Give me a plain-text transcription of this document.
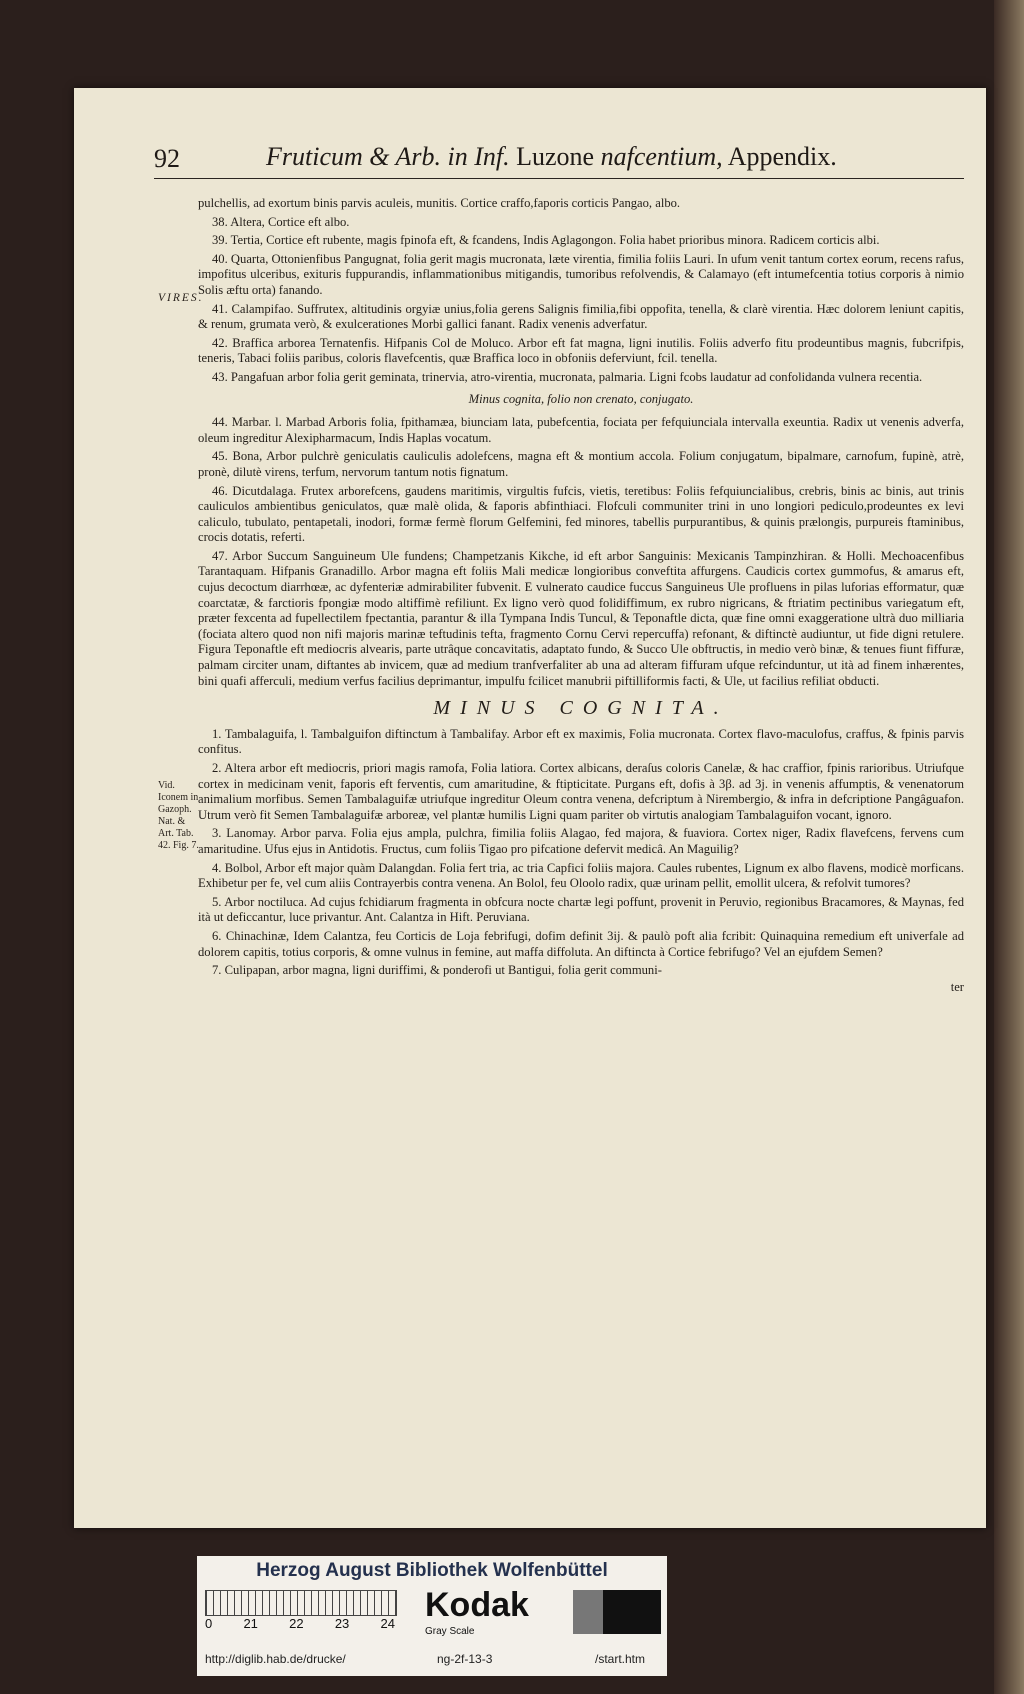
92	Fruticum & Arb. in Inf. Luzone nafcentium, Appendix.
VIRES.
Vid. Iconem in Gazoph. Nat. & Art. Tab. 42. Fig. 7.

pulchellis, ad exortum binis parvis aculeis, munitis. Cortice craffo,faporis corticis Pangao, albo.

38. Altera, Cortice eft albo.

39. Tertia, Cortice eft rubente, magis fpinofa eft, & fcandens, Indis Aglagongon. Folia habet prioribus minora. Radicem corticis albi.

40. Quarta, Ottonienfibus Pangugnat, folia gerit magis mucronata, læte virentia, fimilia foliis Lauri. In ufum venit tantum cortex eorum, recens rafus, impofitus ulceribus, exituris fuppurandis, inflammationibus mitigandis, tumoribus refolvendis, & Calamayo (eft intumefcentia totius corporis à nimio Solis æftu orta) fanando.

41. Calampifao. Suffrutex, altitudinis orgyiæ unius,folia gerens Salignis fimilia,fibi oppofita, tenella, & clarè virentia. Hæc dolorem leniunt capitis, & renum, grumata verò, & exulcerationes Morbi gallici fanant. Radix venenis adverfatur.

42. Braffica arborea Ternatenfis. Hifpanis Col de Moluco. Arbor eft fat magna, ligni inutilis. Foliis adverfo fitu prodeuntibus magnis, fubcrifpis, teneris, Tabaci foliis paribus, coloris flavefcentis, quæ Braffica loco in obfoniis deferviunt, fcil. tenella.

43. Pangafuan arbor folia gerit geminata, trinervia, atro-virentia, mucronata, palmaria. Ligni fcobs laudatur ad confolidanda vulnera recentia.

Minus cognita, folio non crenato, conjugato.

44. Marbar. l. Marbad Arboris folia, fpithamæa, biunciam lata, pubefcentia, fociata per fefquiunciala intervalla exeuntia. Radix ut venenis adverfa, oleum ingreditur Alexipharmacum, Indis Haplas vocatum.

45. Bona, Arbor pulchrè geniculatis cauliculis adolefcens, magna eft & montium accola. Folium conjugatum, bipalmare, carnofum, fupinè, atrè, pronè, dilutè virens, terfum, nervorum tantum notis fignatum.

46. Dicutdalaga. Frutex arborefcens, gaudens maritimis, virgultis fufcis, vietis, teretibus: Foliis fefquiuncialibus, crebris, binis ac binis, aut trinis cauliculos ambientibus geniculatos, quæ malè olida, & faporis abfinthiaci. Flofculi communiter trini in uno longiori pediculo,prodeuntes ex levi caliculo, tubulato, pentapetali, inodori, formæ fermè florum Gelfemini, fed minores, tabellis purpurantibus, & quinis prælongis, purpureis ftaminibus, crocis dotatis, referti.

47. Arbor Succum Sanguineum Ule fundens; Champetzanis Kikche, id eft arbor Sanguinis: Mexicanis Tampinzhiran. & Holli. Mechoacenfibus Tarantaquam. Hifpanis Granadillo. Arbor magna eft foliis Mali medicæ longioribus conveftita affurgens. Caudicis cortex gummofus, & amarus eft, cujus decoctum diarrhœæ, ac dyfenteriæ admirabiliter fubvenit. E vulnerato caudice fuccus Sanguineus Ule profluens in pilas luforias efformatur, quæ coarctatæ, & farctioris fpongiæ modo altiffimè refiliunt. Ex ligno verò quod folidiffimum, ex rubro nigricans, & ftriatim pectinibus variegatum eft, præter fexcenta ad fupellectilem fpectantia, parantur & illa Tympana Indis Tuncul, & Teponaftle dicta, quæ fine omni exaggeratione ultrà duo milliaria (fociata altero quod non nifi majoris marinæ teftudinis tefta, fragmento Cornu Cervi repercuffa) refonant, & diftinctè audiuntur, ut fide digni retulere. Figura Teponaftle eft mediocris alvearis, parte utrâque concavitatis, adaptato fundo, & Succo Ule obftructis, in medio verò binæ, & tenues fiunt fiffuræ, palmam circiter unam, diftantes ab invicem, quæ ad medium tranfverfaliter ab una ad alteram fiffuram ufque refcinduntur, ut ità ad finem inhærentes, bini quafi afferculi, medium verfus facilius deprimantur, impulfu fcilicet manubrii piftilliformis facti, & Ule, ut facilius refiliat obducti.

MINUS COGNITA.

1. Tambalaguifa, l. Tambalguifon diftinctum à Tambalifay. Arbor eft ex maximis, Folia mucronata. Cortex flavo-maculofus, craffus, & fpinis parvis confitus.

2. Altera arbor eft mediocris, priori magis ramofa, Folia latiora. Cortex albicans, deraſus coloris Canelæ, & hac craffior, fpinis rarioribus. Utriufque cortex in medicinam venit, faporis eft ferventis, cum amaritudine, & ftipticitate. Purgans eft, dofis à 3β. ad 3j. in venenis affumptis, & venenatorum animalium morfibus. Semen Tambalaguifæ utriufque ingreditur Oleum contra venena, defcriptum à Nirembergio, & infra in defcriptione Pangâguafon. Utrum verò fit Semen Tambalaguifæ arboreæ, vel plantæ humilis Ligni quam pariter ob virtutis analogiam Tambalaguifon vocant, ignoro.

3. Lanomay. Arbor parva. Folia ejus ampla, pulchra, fimilia foliis Alagao, fed majora, & fuaviora. Cortex niger, Radix flavefcens, fervens cum amaritudine. Ufus ejus in Antidotis. Fructus, cum foliis Tigao pro pifcatione defervit medicâ. An Maguilig?

4. Bolbol, Arbor eft major quàm Dalangdan. Folia fert tria, ac tria Capfici foliis majora. Caules rubentes, Lignum ex albo flavens, modicè morficans. Exhibetur per fe, vel cum aliis Contrayerbis contra venena. An Bolol, feu Oloolo radix, quæ urinam pellit, emollit ulcera, & refolvit tumores?

5. Arbor noctiluca. Ad cujus fchidiarum fragmenta in obfcura nocte chartæ legi poffunt, provenit in Peruvio, regionibus Bracamores, & Maynas, fed ità ut deficcantur, luce privantur. Ant. Calantza in Hift. Peruviana.

6. Chinachinæ, Idem Calantza, feu Corticis de Loja febrifugi, dofim definit 3ij. & paulò poft alia fcribit: Quinaquina remedium eft univerfale ad dolorem capitis, totius corporis, & omne vulnus in femine, aut maffa diffoluta. An diftincta à Cortice febrifugo? Vel an ejufdem Semen?

7. Culipapan, arbor magna, ligni duriffimi, & ponderofi ut Bantigui, folia gerit communi-

ter
Herzog August Bibliothek Wolfenbüttel
0 21 22 23 24 Kodak
Gray Scale
http://diglib.hab.de/drucke/	ng-2f-13-3	/start.htm
